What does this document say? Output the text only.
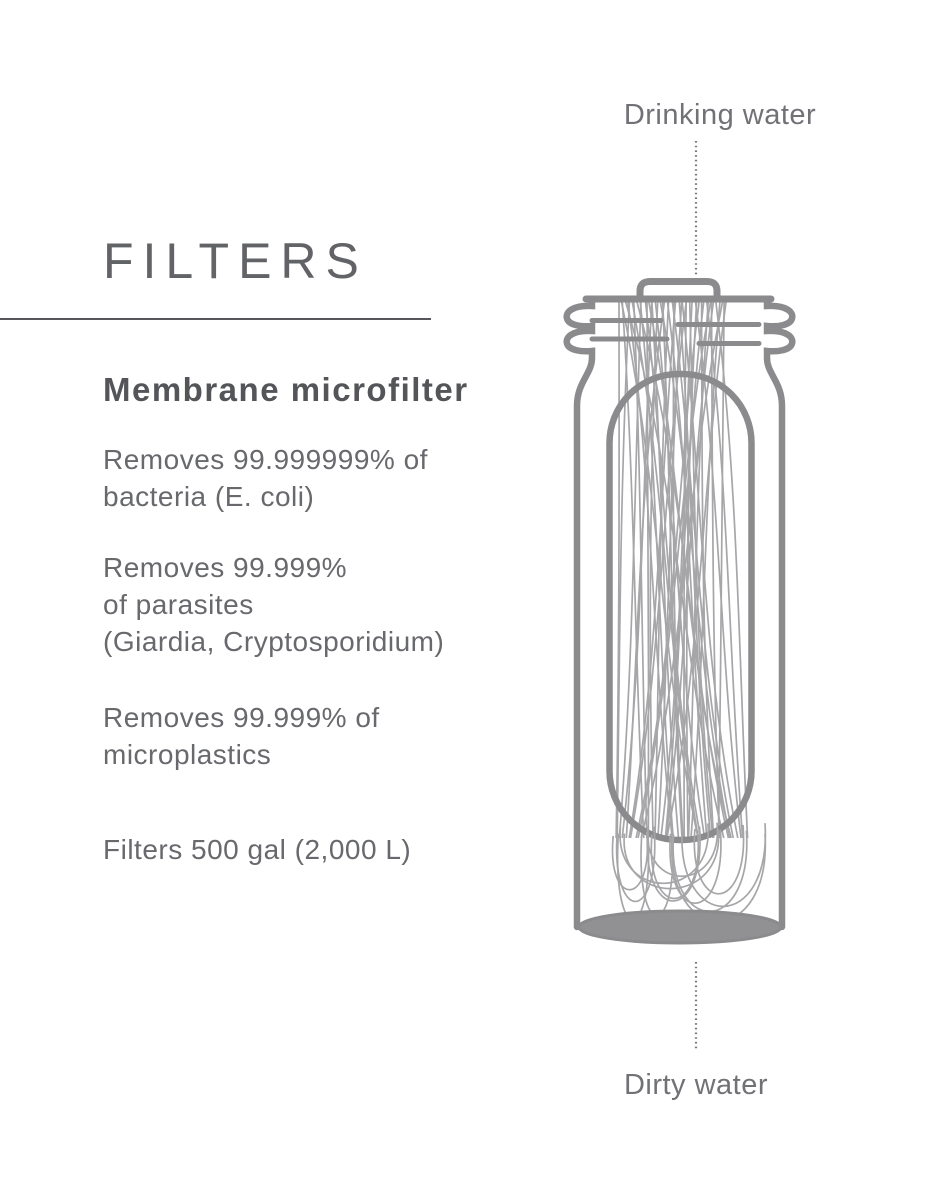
FILTERS
Membrane microfilter
Removes 99.999999% of
bacteria (E. coli)
Removes 99.999%
of parasites
(Giardia, Cryptosporidium)
Removes 99.999% of
microplastics
Filters 500 gal (2,000 L)
Drinking water
Dirty water
